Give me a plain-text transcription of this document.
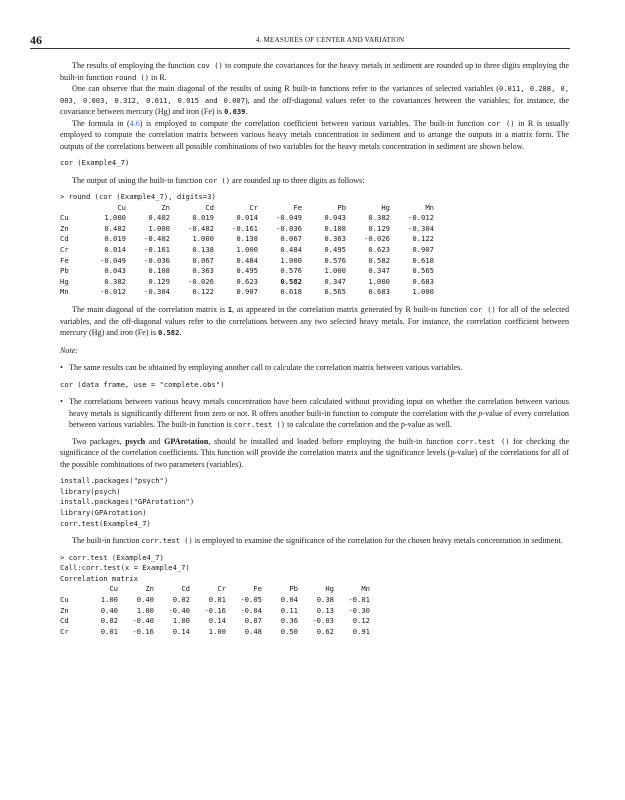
46	4. MEASURES OF CENTER AND VARIATION

The results of employing the function cov () to compute the covariances for the heavy metals in sediment are rounded up to three digits employing the built-in function round () in R.

One can observe that the main diagonal of the results of using R built-in functions refer to the variances of selected variables (0.011, 0.288, 0, 003, 0.003, 0.312, 0.011, 0.015 and 0.007), and the off-diagonal values refer to the covariances between the variables; for instance, the covariance between mercury (Hg) and iron (Fe) is 0.039.

The formula in (4.6) is employed to compute the correlation coefficient between various variables. The built-in function cor () in R is usually employed to compute the correlation matrix between various heavy metals concentration in sediment and to arrange the outputs in a matrix form. The outputs of the correlations between all possible combinations of two variables for the heavy metals concentration in sediment are shown below.

cor (Example4_7)

The output of using the built-in function cor () are rounded up to three digits as follows:

> round (cor (Example4_7), digits=3)
	Cu	Zn	Cd	Cr	Fe	Pb	Hg	Mn
Cu	1.000	0.402	0.019	0.014	-0.049	0.043	0.382	-0.012
Zn	0.402	1.000	-0.402	-0.161	-0.036	0.108	0.129	-0.304
Cd	0.019	-0.402	1.000	0.138	0.067	0.363	-0.026	0.122
Cr	0.014	-0.161	0.138	1.000	0.484	0.495	0.623	0.907
Fe	-0.049	-0.036	0.067	0.484	1.000	0.576	0.582	0.618
Pb	0.043	0.108	0.363	0.495	0.576	1.000	0.347	0.565
Hg	0.382	0.129	-0.026	0.623	0.582	0.347	1.000	0.683
Mn	-0.012	-0.304	0.122	0.907	0.618	0.565	0.683	1.000

The main diagonal of the correlation matrix is 1, as appeared in the correlation matrix generated by R built-in function cor () for all of the selected variables, and the off-diagonal values refer to the correlations between any two selected heavy metals. For instance, the correlation coefficient between mercury (Hg) and iron (Fe) is 0.582.

Note:

• The same results can be obtained by employing another call to calculate the correlation matrix between various variables.
cor (data frame, use = "complete.obs")
• The correlations between various heavy metals concentration have been calculated without providing input on whether the correlation between various heavy metals is significantly different from zero or not. R offers another built-in function to compute the correlation with the p-value of every correlation between various variables. The built-in function is corr.test () to calculate the correlation and the p-value as well.

Two packages, psych and GPArotation, should be installed and loaded before employing the built-in function corr.test () for checking the significance of the correlation coefficients. This function will provide the correlation matrix and the significance levels (p-value) of the correlations for all of the possible combinations of two parameters (variables).

install.packages("psych")
library(psych)
install.packages("GPArotation")
library(GPArotation)
corr.test(Example4_7)

The built-in function corr.test () is employed to examine the significance of the correlation for the chosen heavy metals concentration in sediment.

> corr.test (Example4_7)
Call:corr.test(x = Example4_7)
Correlation matrix
	Cu	Zn	Cd	Cr	Fe	Pb	Hg	Mn
Cu	1.00	0.40	0.02	0.01	-0.05	0.04	0.38	-0.01
Zn	0.40	1.00	-0.40	-0.16	-0.04	0.11	0.13	-0.30
Cd	0.02	-0.40	1.00	0.14	0.07	0.36	-0.03	0.12
Cr	0.01	-0.16	0.14	1.00	0.48	0.50	0.62	0.91
